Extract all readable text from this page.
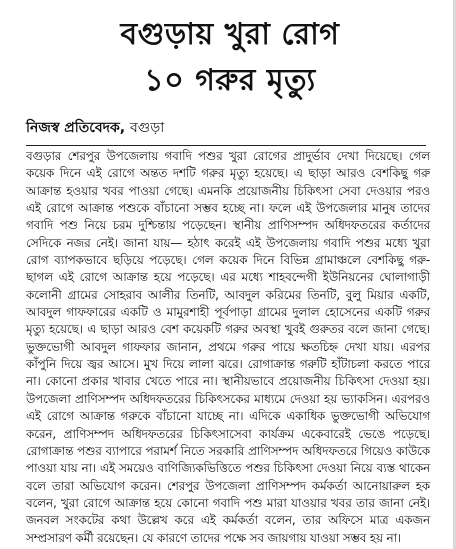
বগুড়ায় খুরা রোগ
১০ গরুর মৃত্যু
নিজস্ব প্রতিবেদক, বগুড়া

বগুড়ার শেরপুর উপজেলায় গবাদি পশুর খুরা রোগের প্রাদুর্ভাব দেখা দিয়েছে। গেল কয়েক দিনে এই রোগে অন্তত দশটি গরুর মৃত্যু হয়েছে। এ ছাড়া আরও বেশকিছু গরু আক্রান্ত হওয়ার খবর পাওয়া গেছে। এমনকি প্রয়োজনীয় চিকিৎসা সেবা দেওয়ার পরও এই রোগে আক্রান্ত পশুকে বাঁচানো সম্ভব হচ্ছে না। ফলে এই উপজেলার মানুষ তাদের গবাদি পশু নিয়ে চরম দুশ্চিন্তায় পড়েছেন। স্থানীয় প্রাণিসম্পদ অধিদফতরের কর্তাদের সেদিকে নজর নেই। জানা যায়— হঠাৎ করেই এই উপজেলায় গবাদি পশুর মধ্যে খুরা রোগ ব্যাপকভাবে ছড়িয়ে পড়েছে। গেল কয়েক দিনে বিভিন্ন গ্রামাঞ্চলে বেশকিছু গরু-ছাগল এই রোগে আক্রান্ত হয়ে পড়েছে। এর মধ্যে শাহবন্দেগী ইউনিয়নের ঘোলাগাড়ী কলোনী গ্রামের সোহরাব আলীর তিনটি, আবদুল করিমের তিনটি, বুলু মিয়ার একটি, আবদুল গাফফারের একটি ও মামুরশাহী পূর্বপাড়া গ্রামের দুলাল হোসেনের একটি গরুর মৃত্যু হয়েছে। এ ছাড়া আরও বেশ কয়েকটি গরুর অবস্থা খুবই গুরুতর বলে জানা গেছে। ভুক্তভোগী আবদুল গাফফার জানান, প্রথমে গরুর পায়ে ক্ষতচিহ্ন দেখা যায়। এরপর কাঁপুনি দিয়ে জ্বর আসে। মুখ দিয়ে লালা ঝরে। রোগাক্রান্ত গরুটি হাঁটাচলা করতে পারে না। কোনো প্রকার খাবার খেতে পারে না। স্থানীয়ভাবে প্রয়োজনীয় চিকিৎসা দেওয়া হয়। উপজেলা প্রাণিসম্পদ অধিদফতরের চিকিৎসকের মাধ্যমে দেওয়া হয় ভ্যাকসিন। এরপরও এই রোগে আক্রান্ত গরুকে বাঁচানো যাচ্ছে না। এদিকে একাধিক ভুক্তভোগী অভিযোগ করেন, প্রাণিসম্পদ অধিদফতরের চিকিৎসাসেবা কার্যক্রম একেবারেই ভেঙে পড়েছে। রোগাক্রান্ত পশুর ব্যাপারে পরামর্শ নিতে সরকারি প্রাণিসম্পদ অধিদফতরে গিয়েও কাউকে পাওয়া যায় না। এই সময়েও বাণিজ্যিকভিত্তিতে পশুর চিকিৎসা দেওয়া নিয়ে ব্যস্ত থাকেন বলে তারা অভিযোগ করেন। শেরপুর উপজেলা প্রাণিসম্পদ কর্মকর্তা আনোয়ারুল হক বলেন, খুরা রোগে আক্রান্ত হয়ে কোনো গবাদি পশু মারা যাওয়ার খবর তার জানা নেই। জনবল সংকটের কথা উল্লেখ করে এই কর্মকর্তা বলেন, তার অফিসে মাত্র একজন সম্প্রসারণ কর্মী রয়েছেন। যে কারণে তাদের পক্ষে সব জায়গায় যাওয়া সম্ভব হয় না।
